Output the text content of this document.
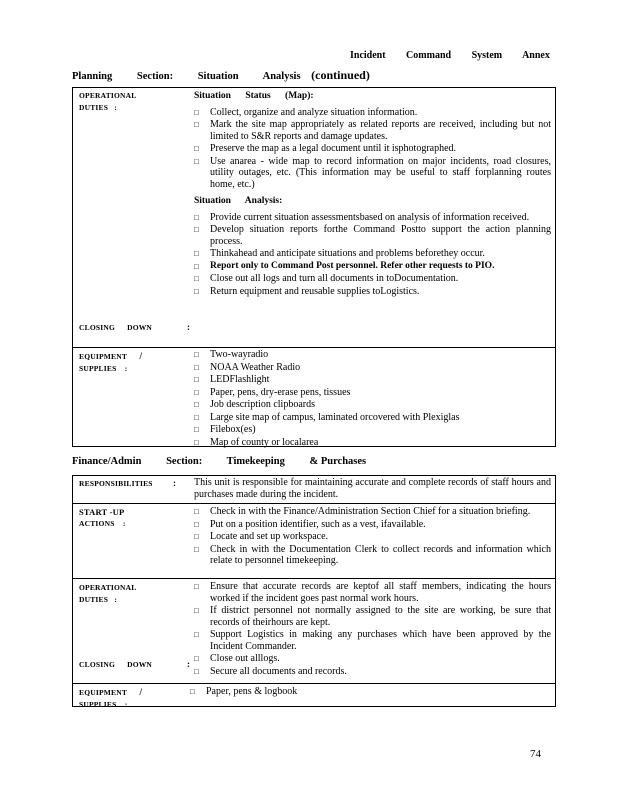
Incident Command System Annex
Planning Section: Situation Analysis (continued)
OPERATIONAL
DUTIES :
CLOSING DOWN	:
Situation Status (Map):
□ Collect, organize and analyze situation information.
□ Mark the site map appropriately as related reports are received, including but not limited to S&R reports and damage updates.
□ Preserve the map as a legal document until it isphotographed.
□ Use anarea - wide map to record information on major incidents, road closures, utility outages, etc. (This information may be useful to staff forplanning routes home, etc.)
Situation Analysis:
□ Provide current situation assessmentsbased on analysis of information received.
□ Develop situation reports forthe Command Postto support the action planning process.
□ Thinkahead and anticipate situations and problems beforethey occur.
□ Report only to Command Post personnel. Refer other requests to PIO.
□ Close out all logs and turn all documents in toDocumentation.
□ Return equipment and reusable supplies toLogistics.
EQUIPMENT /
SUPPLIES :
□ Two-wayradio
□ NOAA Weather Radio
□ LEDFlashlight
□ Paper, pens, dry-erase pens, tissues
□ Job description clipboards
□ Large site map of campus, laminated orcovered with Plexiglas
□ Filebox(es)
□ Map of county or localarea
Finance/Admin Section: Timekeeping & Purchases
RESPONSIBILITIES : This unit is responsible for maintaining accurate and complete records of staff hours and purchases made during the incident.
START -UP
ACTIONS :
□ Check in with the Finance/Administration Section Chief for a situation briefing.
□ Put on a position identifier, such as a vest, ifavailable.
□ Locate and set up workspace.
□ Check in with the Documentation Clerk to collect records and information which relate to personnel timekeeping.
OPERATIONAL
DUTIES :
CLOSING DOWN	:
□ Ensure that accurate records are keptof all staff members, indicating the hours worked if the incident goes past normal work hours.
□ If district personnel not normally assigned to the site are working, be sure that records of theirhours are kept.
□ Support Logistics in making any purchases which have been approved by the Incident Commander.
□ Close out alllogs.
□ Secure all documents and records.
EQUIPMENT /
SUPPLIES :
□ Paper, pens & logbook
74
